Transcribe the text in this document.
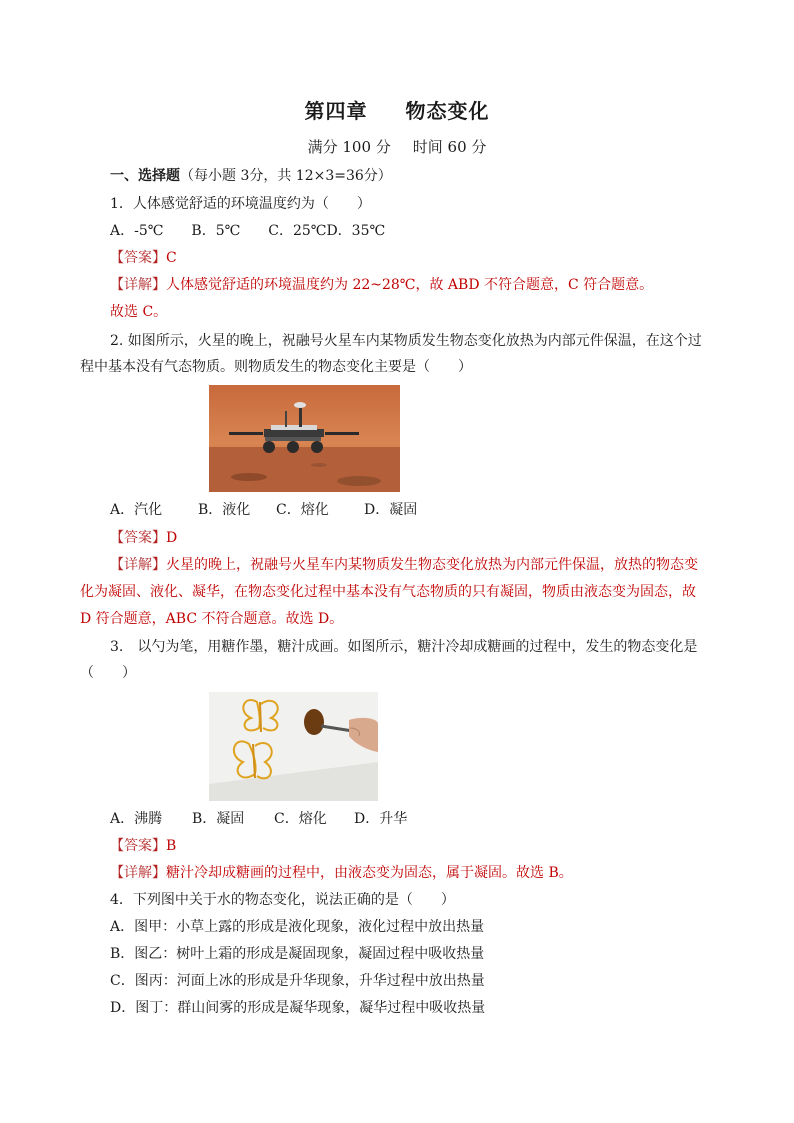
第四章 物态变化
满分 100 分 时间 60 分
一、选择题（每小题 3分，共 12×3=36分）
1．人体感觉舒适的环境温度约为（　　）
A．-5℃　　B．5℃　　C．25℃D．35℃
【答案】C
【详解】人体感觉舒适的环境温度约为 22~28℃，故 ABD 不符合题意，C 符合题意。
故选 C。
2. 如图所示，火星的晚上，祝融号火星车内某物质发生物态变化放热为内部元件保温，在这个过
程中基本没有气态物质。则物质发生的物态变化主要是（　　）
A．汽化	B．液化 C．熔化	D．凝固
【答案】D
【详解】火星的晚上，祝融号火星车内某物质发生物态变化放热为内部元件保温，放热的物态变
化为凝固、液化、凝华，在物态变化过程中基本没有气态物质的只有凝固，物质由液态变为固态，故
D 符合题意，ABC 不符合题意。故选 D。
3.　以勺为笔，用糖作墨，糖汁成画。如图所示，糖汁冷却成糖画的过程中，发生的物态变化是
（　　）
A．沸腾 B．凝固 C．熔化 D．升华
【答案】B
【详解】糖汁冷却成糖画的过程中，由液态变为固态，属于凝固。故选 B。
4．下列图中关于水的物态变化，说法正确的是（　　）
A．图甲：小草上露的形成是液化现象，液化过程中放出热量
B．图乙：树叶上霜的形成是凝固现象，凝固过程中吸收热量
C．图丙：河面上冰的形成是升华现象，升华过程中放出热量
D．图丁：群山间雾的形成是凝华现象，凝华过程中吸收热量
